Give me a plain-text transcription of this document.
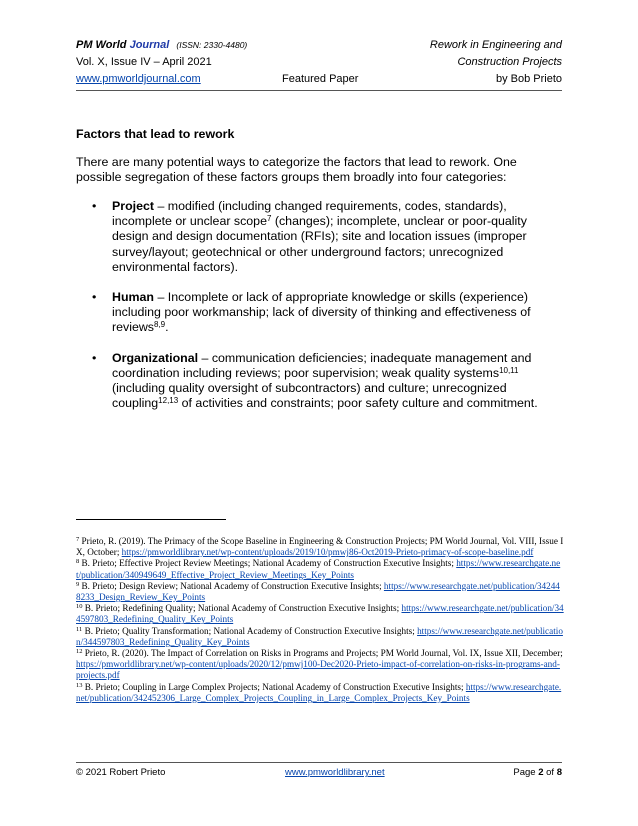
PM World Journal (ISSN: 2330-4480)
Vol. X, Issue IV – April 2021
www.pmworldjournal.com	Featured Paper
Rework in Engineering and
Construction Projects
by Bob Prieto
Factors that lead to rework
There are many potential ways to categorize the factors that lead to rework. One possible segregation of these factors groups them broadly into four categories:
• Project – modified (including changed requirements, codes, standards), incomplete or unclear scope$^7$ (changes); incomplete, unclear or poor-quality design and design documentation (RFIs); site and location issues (improper survey/layout; geotechnical or other underground factors; unrecognized environmental factors).
• Human – Incomplete or lack of appropriate knowledge or skills (experience) including poor workmanship; lack of diversity of thinking and effectiveness of reviews$^{8,9}$.
• Organizational – communication deficiencies; inadequate management and coordination including reviews; poor supervision; weak quality systems$^{10,11}$ (including quality oversight of subcontractors) and culture; unrecognized coupling$^{12,13}$ of activities and constraints; poor safety culture and commitment.

$^7$ Prieto, R. (2019). The Primacy of the Scope Baseline in Engineering & Construction Projects; PM World Journal, Vol. VIII, Issue IX, October; https://pmworldlibrary.net/wp-content/uploads/2019/10/pmwj86-Oct2019-Prieto-primacy-of-scope-baseline.pdf

$^8$ B. Prieto; Effective Project Review Meetings; National Academy of Construction Executive Insights; https://www.researchgate.net/publication/340949649_Effective_Project_Review_Meetings_Key_Points

$^9$ B. Prieto; Design Review; National Academy of Construction Executive Insights; https://www.researchgate.net/publication/342448233_Design_Review_Key_Points

$^{10}$ B. Prieto; Redefining Quality; National Academy of Construction Executive Insights; https://www.researchgate.net/publication/344597803_Redefining_Quality_Key_Points

$^{11}$ B. Prieto; Quality Transformation; National Academy of Construction Executive Insights; https://www.researchgate.net/publication/344597803_Redefining_Quality_Key_Points

$^{12}$ Prieto, R. (2020). The Impact of Correlation on Risks in Programs and Projects; PM World Journal, Vol. IX, Issue XII, December; https://pmworldlibrary.net/wp-content/uploads/2020/12/pmwj100-Dec2020-Prieto-impact-of-correlation-on-risks-in-programs-and-projects.pdf

$^{13}$ B. Prieto; Coupling in Large Complex Projects; National Academy of Construction Executive Insights; https://www.researchgate.net/publication/342452306_Large_Complex_Projects_Coupling_in_Large_Complex_Projects_Key_Points

© 2021 Robert Prieto	www.pmworldlibrary.net	Page 2 of 8
